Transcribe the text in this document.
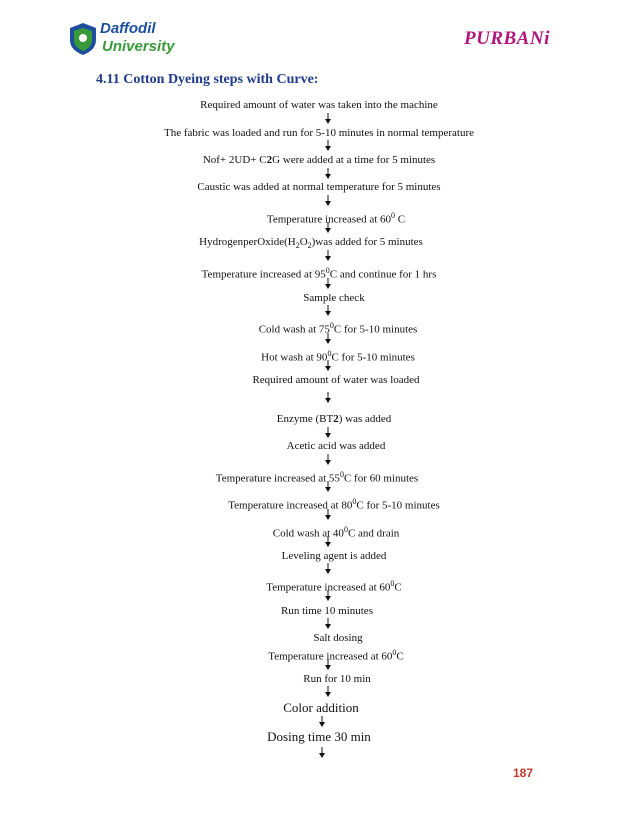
Daffodil
University	PURBANi
4.11 Cotton Dyeing steps with Curve:
Required amount of water was taken into the machine
The fabric was loaded and run for 5-10 minutes in normal temperature
Nof+ 2UD+ C2G were added at a time for 5 minutes
Caustic was added at normal temperature for 5 minutes
Temperature increased at $60^0$ C
$HydrogenperOxide(H_2O_2)was$ added for 5 minutes
Temperature increased at $95^0C$ and continue for 1 hrs
Sample check
Cold wash at $75^0C$ for 5-10 minutes
Hot wash at $90^0C$ for 5-10 minutes
Required amount of water was loaded
Enzyme (BT2) was added
Acetic acid was added
Temperature increased at $55^0C$ for 60 minutes
Temperature increased at $80^0C$ for 5-10 minutes
Cold wash at $40^0C$ and drain
Leveling agent is added
Temperature increased at $60^0C$
Run time 10 minutes
Salt dosing
Temperature increased at $60^0C$
Run for 10 min
Color addition
Dosing time 30 min
187
